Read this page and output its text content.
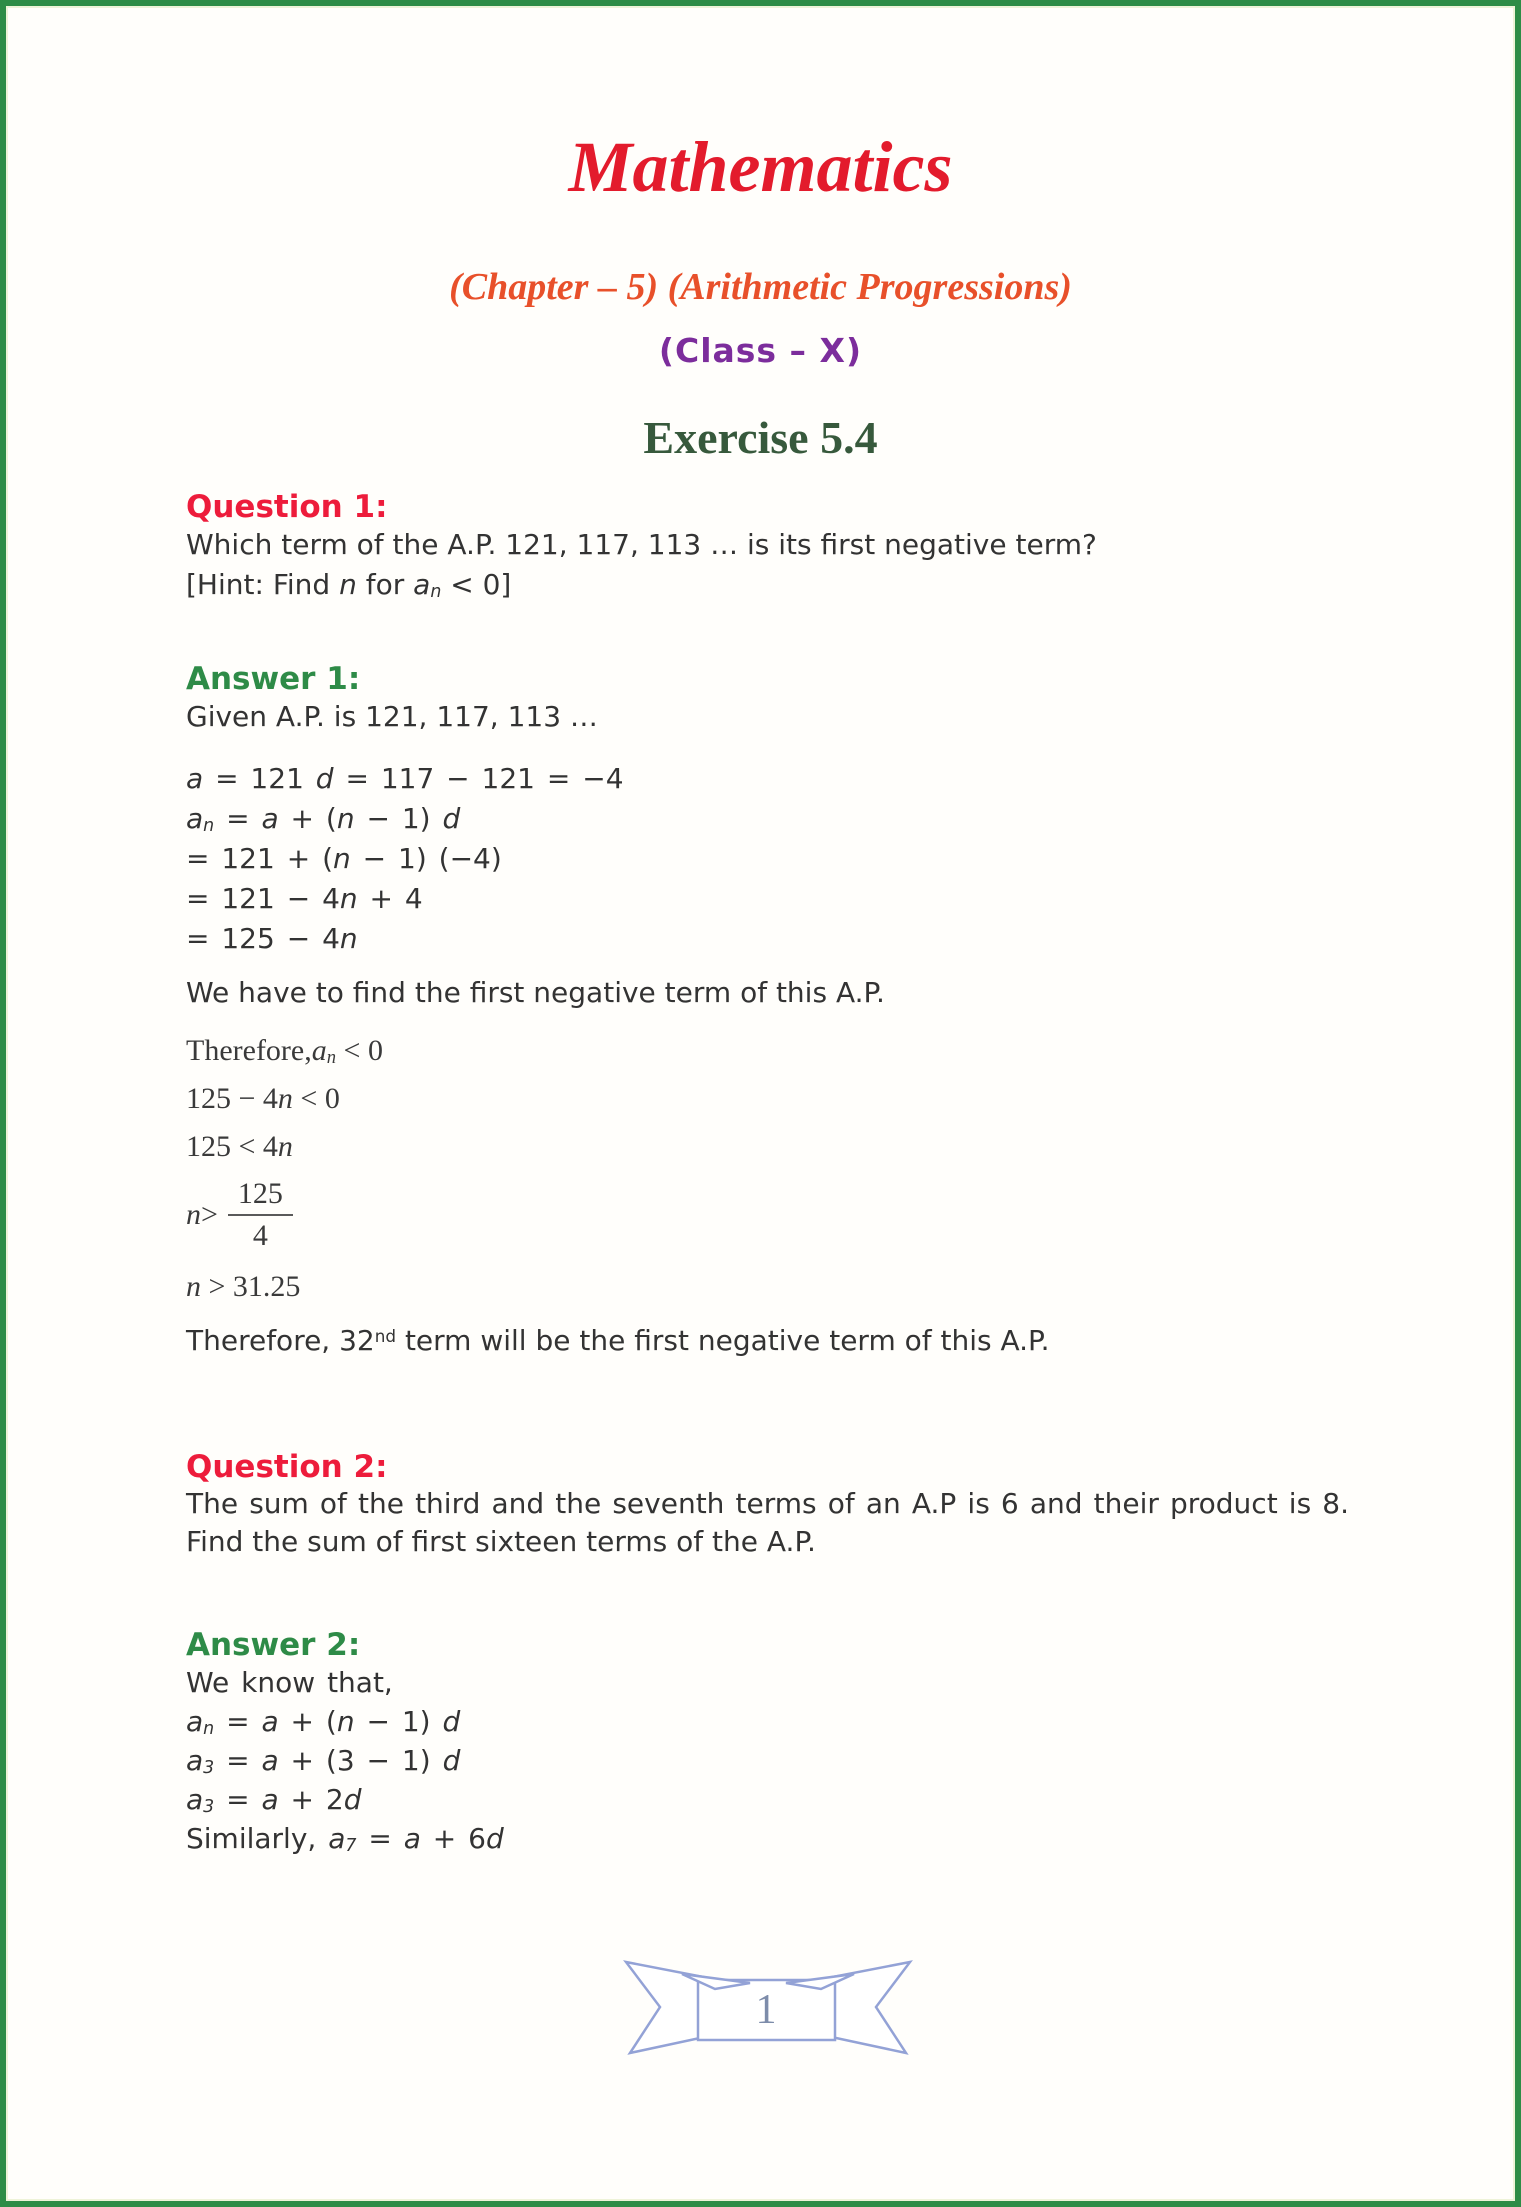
Mathematics
(Chapter – 5) (Arithmetic Progressions)
(Class – X)
Exercise 5.4
Question 1:

Which term of the A.P. 121, 117, 113 … is its first negative term?

[Hint: Find n for $a_n < 0$]

Answer 1:

Given A.P. is 121, 117, 113 …

a = 121 d = 117 − 121 = −4
$a_n = a + (n - 1)$ d
= 121 + (n − 1) (−4)
= 121 − 4n + 4
= 125 − 4n

We have to find the first negative term of this A.P.

$Therefore,a_n < 0$
125 − 4n < 0
125 < 4n
$n > \frac{125}{4}$
n > 31.25

Therefore, 32nd term will be the first negative term of this A.P.

Question 2:

The sum of the third and the seventh terms of an A.P is 6 and their product is 8. Find the sum of first sixteen terms of the A.P.

Answer 2:
We know that,
$a_n = a + (n - 1)$ d
$a_3 = a + (3 - 1)$ d
$a_3 = a + 2d$
Similarly, $a_7 = a + 6d$
1
